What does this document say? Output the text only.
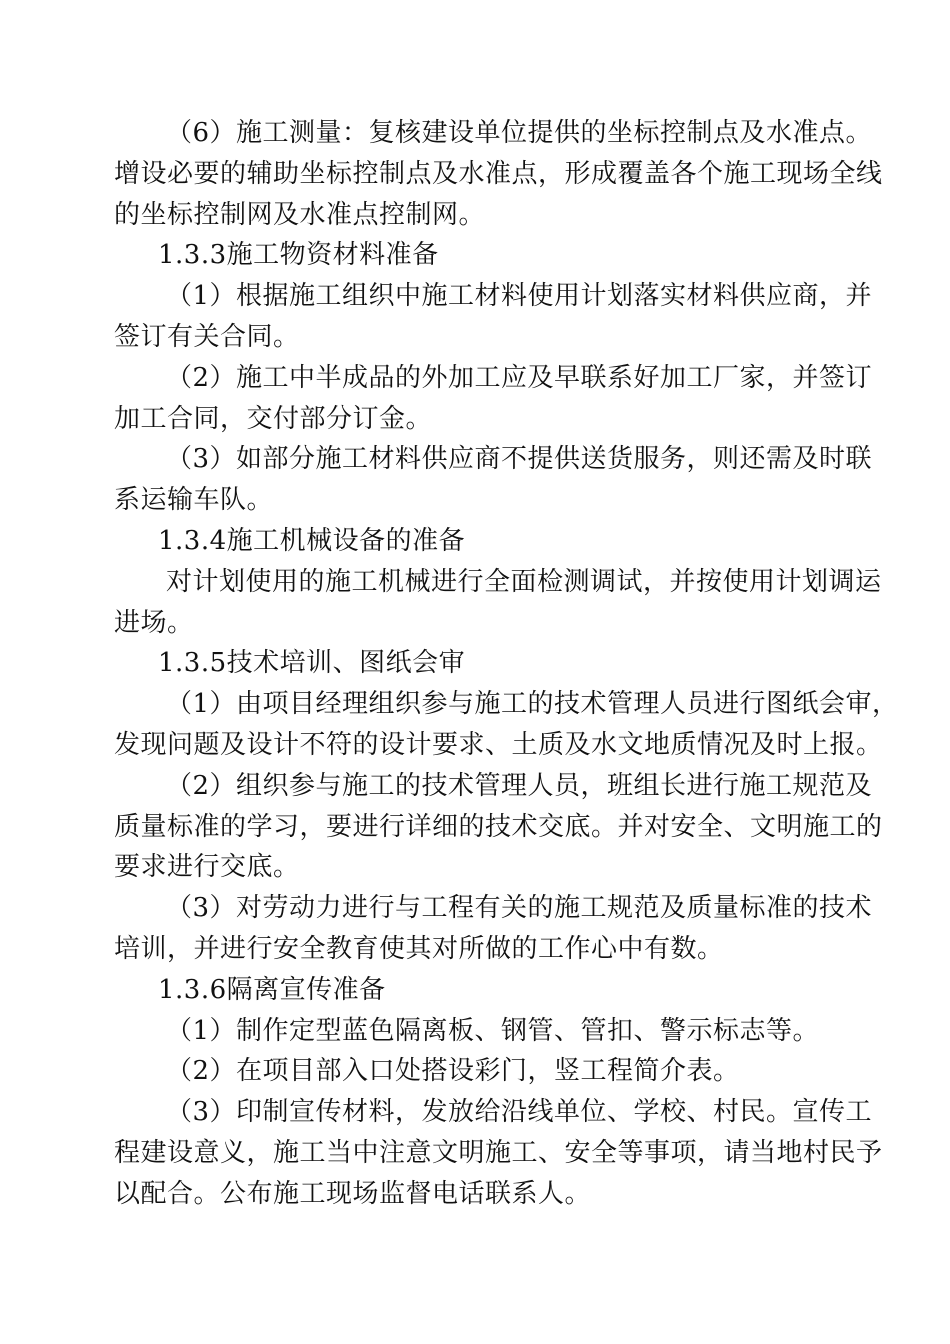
（6）施工测量：复核建设单位提供的坐标控制点及水准点。
增设必要的辅助坐标控制点及水准点，形成覆盖各个施工现场全线
的坐标控制网及水准点控制网。
1.3.3施工物资材料准备
（1）根据施工组织中施工材料使用计划落实材料供应商，并
签订有关合同。
（2）施工中半成品的外加工应及早联系好加工厂家，并签订
加工合同，交付部分订金。
（3）如部分施工材料供应商不提供送货服务，则还需及时联
系运输车队。
1.3.4施工机械设备的准备
对计划使用的施工机械进行全面检测调试，并按使用计划调运
进场。
1.3.5技术培训、图纸会审
（1）由项目经理组织参与施工的技术管理人员进行图纸会审，
发现问题及设计不符的设计要求、土质及水文地质情况及时上报。
（2）组织参与施工的技术管理人员，班组长进行施工规范及
质量标准的学习，要进行详细的技术交底。并对安全、文明施工的
要求进行交底。
（3）对劳动力进行与工程有关的施工规范及质量标准的技术
培训，并进行安全教育使其对所做的工作心中有数。
1.3.6隔离宣传准备
（1）制作定型蓝色隔离板、钢管、管扣、警示标志等。
（2）在项目部入口处搭设彩门，竖工程简介表。
（3）印制宣传材料，发放给沿线单位、学校、村民。宣传工
程建设意义，施工当中注意文明施工、安全等事项，请当地村民予
以配合。公布施工现场监督电话联系人。
